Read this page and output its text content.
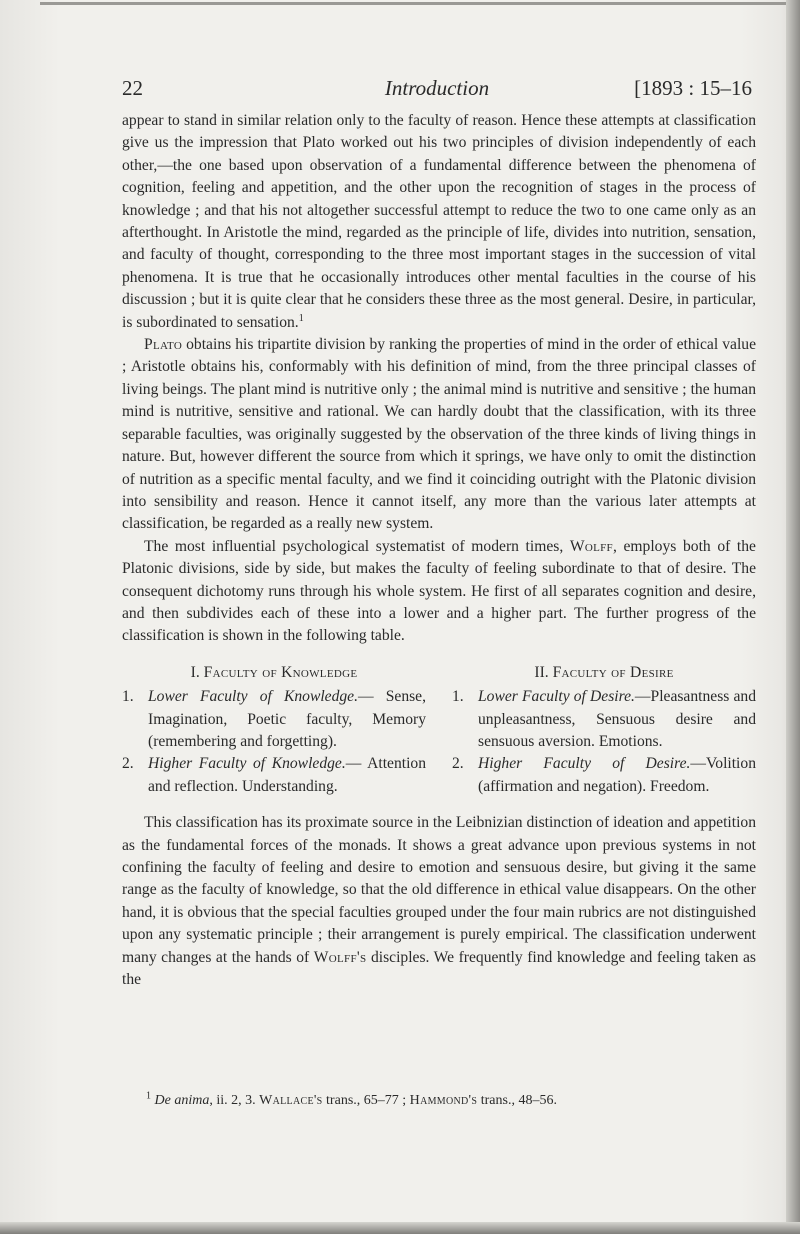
22	Introduction	[1893 : 15–16

appear to stand in similar relation only to the faculty of reason. Hence these attempts at classification give us the impression that Plato worked out his two principles of division independently of each other,—the one based upon observation of a fundamental difference between the phenomena of cognition, feeling and appetition, and the other upon the recognition of stages in the process of knowledge ; and that his not altogether successful attempt to reduce the two to one came only as an afterthought. In Aristotle the mind, regarded as the principle of life, divides into nutrition, sensation, and faculty of thought, corresponding to the three most important stages in the succession of vital phenomena. It is true that he occasionally introduces other mental faculties in the course of his discussion ; but it is quite clear that he considers these three as the most general. Desire, in particular, is subordinated to sensation.$^1$

Plato obtains his tripartite division by ranking the properties of mind in the order of ethical value ; Aristotle obtains his, conformably with his definition of mind, from the three principal classes of living beings. The plant mind is nutritive only ; the animal mind is nutritive and sensitive ; the human mind is nutritive, sensitive and rational. We can hardly doubt that the classification, with its three separable faculties, was originally suggested by the observation of the three kinds of living things in nature. But, however different the source from which it springs, we have only to omit the distinction of nutrition as a specific mental faculty, and we find it coinciding outright with the Platonic division into sensibility and reason. Hence it cannot itself, any more than the various later attempts at classification, be regarded as a really new system.

The most influential psychological systematist of modern times, Wolff, employs both of the Platonic divisions, side by side, but makes the faculty of feeling subordinate to that of desire. The consequent dichotomy runs through his whole system. He first of all separates cognition and desire, and then subdivides each of these into a lower and a higher part. The further progress of the classification is shown in the following table.

I. Faculty of Knowledge
1. Lower Faculty of Knowledge.— Sense, Imagination, Poetic faculty, Memory (remembering and forgetting).
2. Higher Faculty of Knowledge.— Attention and reflection. Understanding.
II. Faculty of Desire
1. Lower Faculty of Desire.—Pleasantness and unpleasantness, Sensuous desire and sensuous aversion. Emotions.
2. Higher Faculty of Desire.—Volition (affirmation and negation). Freedom.

This classification has its proximate source in the Leibnizian distinction of ideation and appetition as the fundamental forces of the monads. It shows a great advance upon previous systems in not confining the faculty of feeling and desire to emotion and sensuous desire, but giving it the same range as the faculty of knowledge, so that the old difference in ethical value disappears. On the other hand, it is obvious that the special faculties grouped under the four main rubrics are not distinguished upon any systematic principle ; their arrangement is purely empirical. The classification underwent many changes at the hands of Wolff's disciples. We frequently find knowledge and feeling taken as the

$^1$ De anima, ii. 2, 3. Wallace's trans., 65–77 ; Hammond's trans., 48–56.
